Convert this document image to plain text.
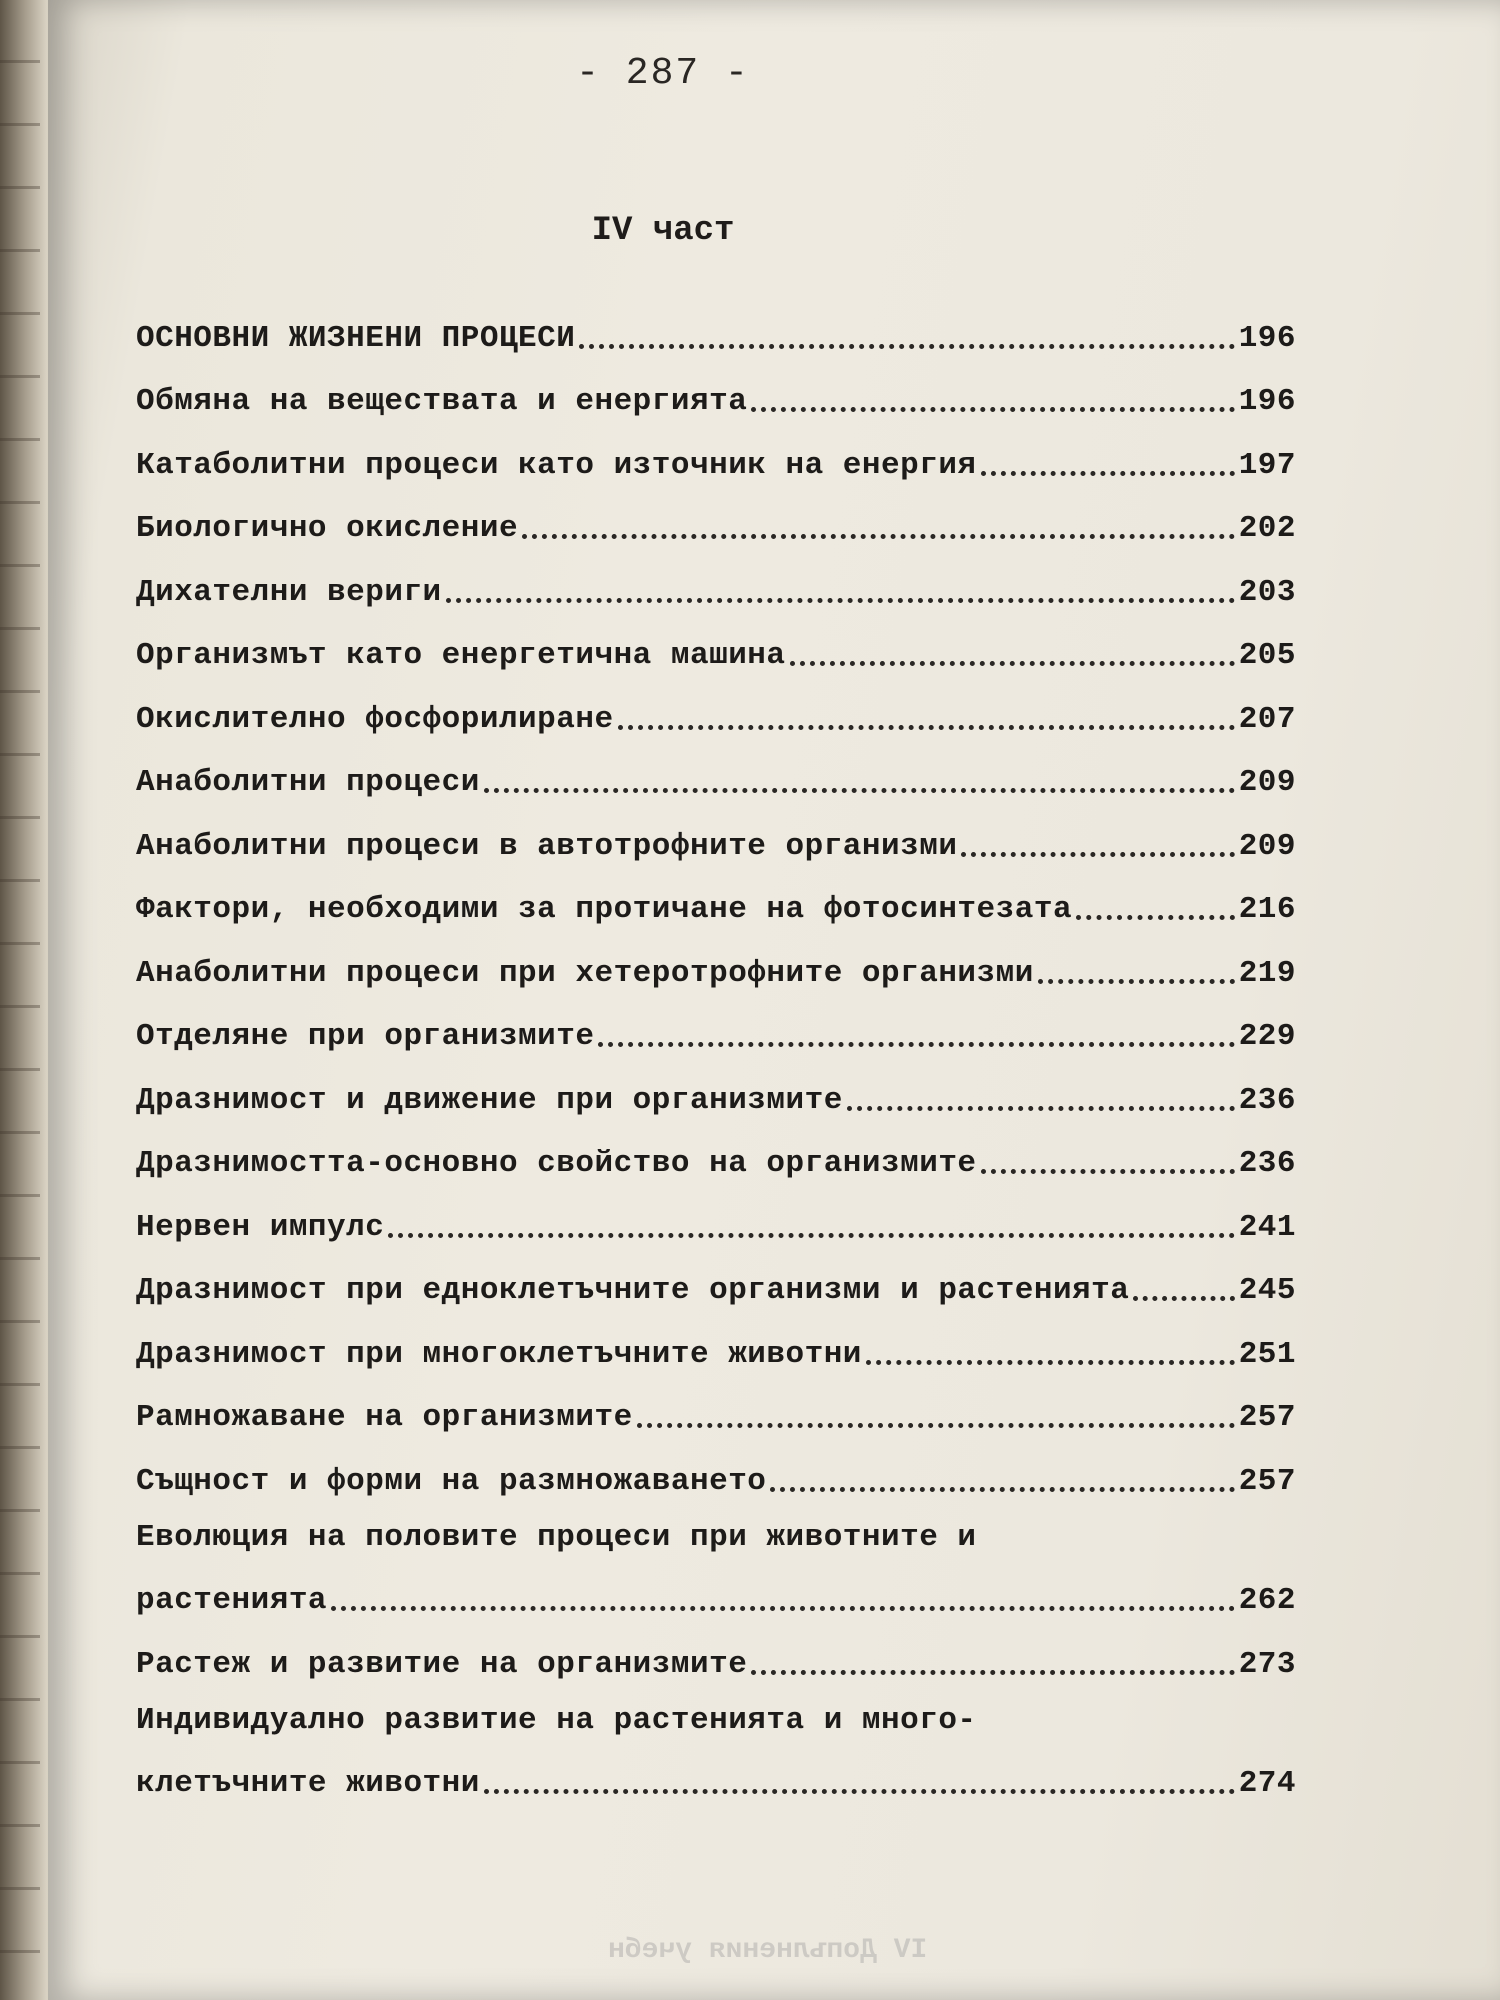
- 287 -
IV част
ОСНОВНИ ЖИЗНЕНИ ПРОЦЕСИ	196
Обмяна на веществата и енергията	196
Катаболитни процеси като източник на енергия	197
Биологично окисление	202
Дихателни вериги	203
Организмът като енергетична машина	205
Окислително фосфорилиране	207
Анаболитни процеси	209
Анаболитни процеси в автотрофните организми	209
Фактори, необходими за протичане на фотосинтезата	216
Анаболитни процеси при хетеротрофните организми	219
Отделяне при организмите	229
Дразнимост и движение при организмите	236
Дразнимостта-основно свойство на организмите	236
Нервен импулс	241
Дразнимост при едноклетъчните организми и растенията	245
Дразнимост при многоклетъчните животни	251
Рамножаване на организмите	257
Същност и форми на размножаването	257
Еволюция на половите процеси при животните и
растенията	262
Растеж и развитие на организмите	273
Индивидуално развитие на растенията и много-
клетъчните животни	274
IV Допълнения учебн
